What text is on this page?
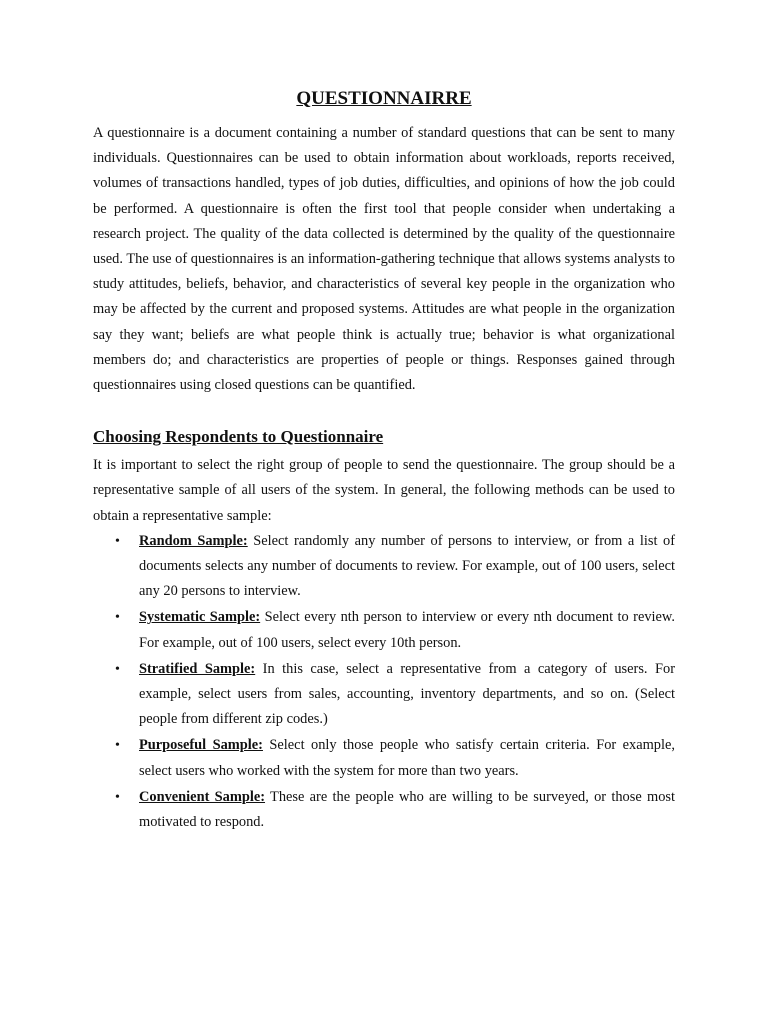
QUESTIONNAIRRE

A questionnaire is a document containing a number of standard questions that can be sent to many individuals. Questionnaires can be used to obtain information about workloads, reports received, volumes of transactions handled, types of job duties, difficulties, and opinions of how the job could be performed. A questionnaire is often the first tool that people consider when undertaking a research project. The quality of the data collected is determined by the quality of the questionnaire used. The use of questionnaires is an information-gathering technique that allows systems analysts to study attitudes, beliefs, behavior, and characteristics of several key people in the organization who may be affected by the current and proposed systems. Attitudes are what people in the organization say they want; beliefs are what people think is actually true; behavior is what organizational members do; and characteristics are properties of people or things. Responses gained through questionnaires using closed questions can be quantified.

Choosing Respondents to Questionnaire

It is important to select the right group of people to send the questionnaire. The group should be a representative sample of all users of the system. In general, the following methods can be used to obtain a representative sample:

• Random Sample: Select randomly any number of persons to interview, or from a list of documents selects any number of documents to review. For example, out of 100 users, select any 20 persons to interview.
• Systematic Sample: Select every nth person to interview or every nth document to review. For example, out of 100 users, select every 10th person.
• Stratified Sample: In this case, select a representative from a category of users. For example, select users from sales, accounting, inventory departments, and so on. (Select people from different zip codes.)
• Purposeful Sample: Select only those people who satisfy certain criteria. For example, select users who worked with the system for more than two years.
• Convenient Sample: These are the people who are willing to be surveyed, or those most motivated to respond.
